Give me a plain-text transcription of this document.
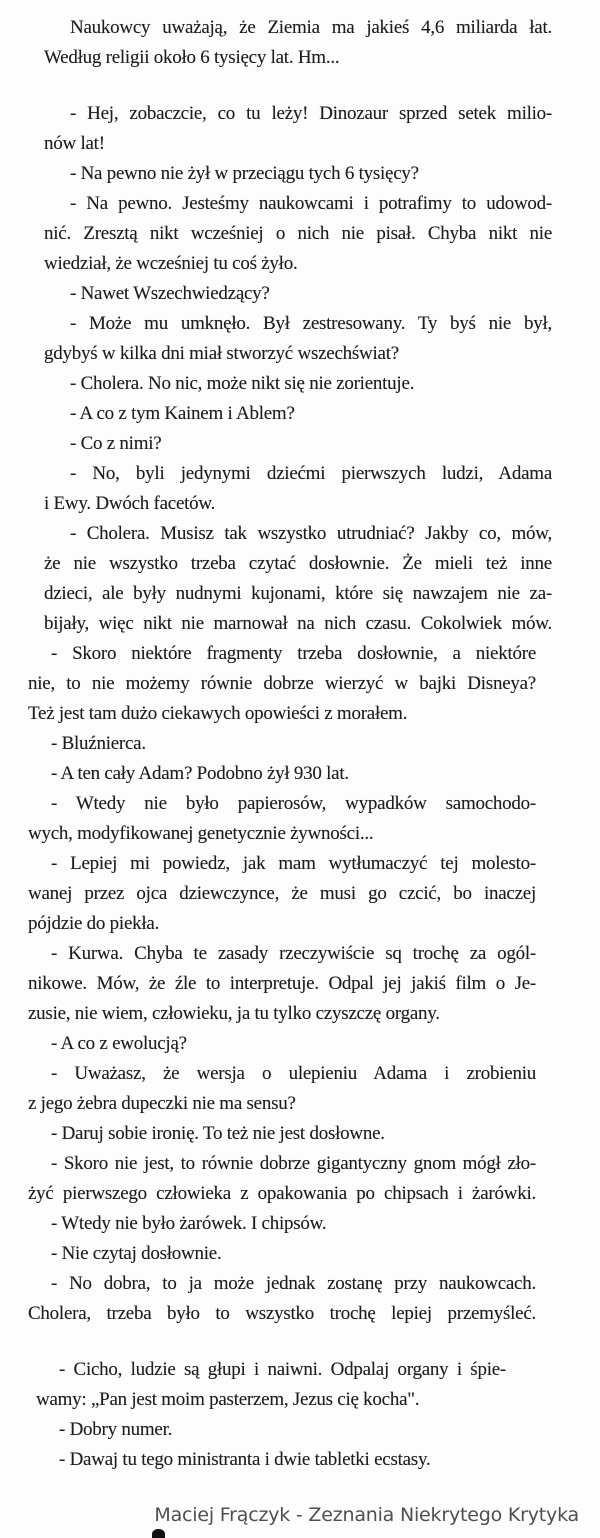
Naukowcy uważają, że Ziemia ma jakieś 4,6 miliarda łat.
Według religii około 6 tysięcy lat. Hm...
- Hej, zobaczcie, co tu leży! Dinozaur sprzed setek milio-
nów lat!
- Na pewno nie żył w przeciągu tych 6 tysięcy?
- Na pewno. Jesteśmy naukowcami i potrafimy to udowod-
nić. Zresztą nikt wcześniej o nich nie pisał. Chyba nikt nie
wiedział, że wcześniej tu coś żyło.
- Nawet Wszechwiedzący?
- Może mu umknęło. Był zestresowany. Ty byś nie był,
gdybyś w kilka dni miał stworzyć wszechświat?
- Cholera. No nic, może nikt się nie zorientuje.
- A co z tym Kainem i Ablem?
- Co z nimi?
- No, byli jedynymi dziećmi pierwszych ludzi, Adama
i Ewy. Dwóch facetów.
- Cholera. Musisz tak wszystko utrudniać? Jakby co, mów,
że nie wszystko trzeba czytać dosłownie. Że mieli też inne
dzieci, ale były nudnymi kujonami, które się nawzajem nie za-
bijały, więc nikt nie marnował na nich czasu. Cokolwiek mów.
- Skoro niektóre fragmenty trzeba dosłownie, a niektóre
nie, to nie możemy równie dobrze wierzyć w bajki Disneya?
Też jest tam dużo ciekawych opowieści z morałem.
- Bluźnierca.
- A ten cały Adam? Podobno żył 930 lat.
- Wtedy nie było papierosów, wypadków samochodo-
wych, modyfikowanej genetycznie żywności...
- Lepiej mi powiedz, jak mam wytłumaczyć tej molesto-
wanej przez ojca dziewczynce, że musi go czcić, bo inaczej
pójdzie do piekła.
- Kurwa. Chyba te zasady rzeczywiście sq trochę za ogól-
nikowe. Mów, że źle to interpretuje. Odpal jej jakiś film o Je-
zusie, nie wiem, człowieku, ja tu tylko czyszczę organy.
- A co z ewolucją?
- Uważasz, że wersja o ulepieniu Adama i zrobieniu
z jego żebra dupeczki nie ma sensu?
- Daruj sobie ironię. To też nie jest dosłowne.
- Skoro nie jest, to równie dobrze gigantyczny gnom mógł zło-
żyć pierwszego człowieka z opakowania po chipsach i żarówki.
- Wtedy nie było żarówek. I chipsów.
- Nie czytaj dosłownie.
- No dobra, to ja może jednak zostanę przy naukowcach.
Cholera, trzeba było to wszystko trochę lepiej przemyśleć.
- Cicho, ludzie są głupi i naiwni. Odpalaj organy i śpie-
wamy: „Pan jest moim pasterzem, Jezus cię kocha".
- Dobry numer.
- Dawaj tu tego ministranta i dwie tabletki ecstasy.
Maciej Frączyk - Zeznania Niekrytego Krytyka
